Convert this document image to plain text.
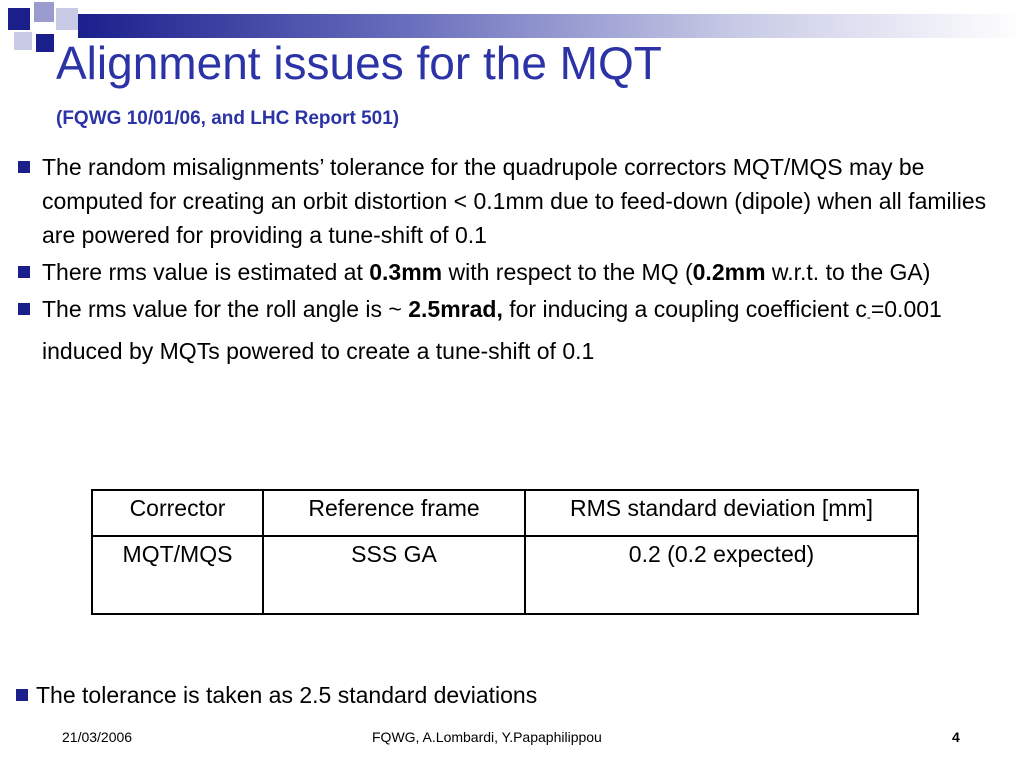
Alignment issues for the MQT
(FQWG 10/01/06, and LHC Report 501)
The random misalignments’ tolerance for the quadrupole correctors MQT/MQS may be computed for creating an orbit distortion < 0.1mm due to feed-down (dipole) when all families are powered for providing a tune-shift of 0.1
There rms value is estimated at 0.3mm with respect to the MQ (0.2mm w.r.t. to the GA)
The rms value for the roll angle is ~ 2.5mrad, for inducing a coupling coefficient $c_-=0.001$ induced by MQTs powered to create a tune-shift of 0.1
Corrector	Reference frame	RMS standard deviation [mm]
MQT/MQS	SSS GA	0.2 (0.2 expected)
The tolerance is taken as 2.5 standard deviations
21/03/2006	FQWG, A.Lombardi, Y.Papaphilippou	4
